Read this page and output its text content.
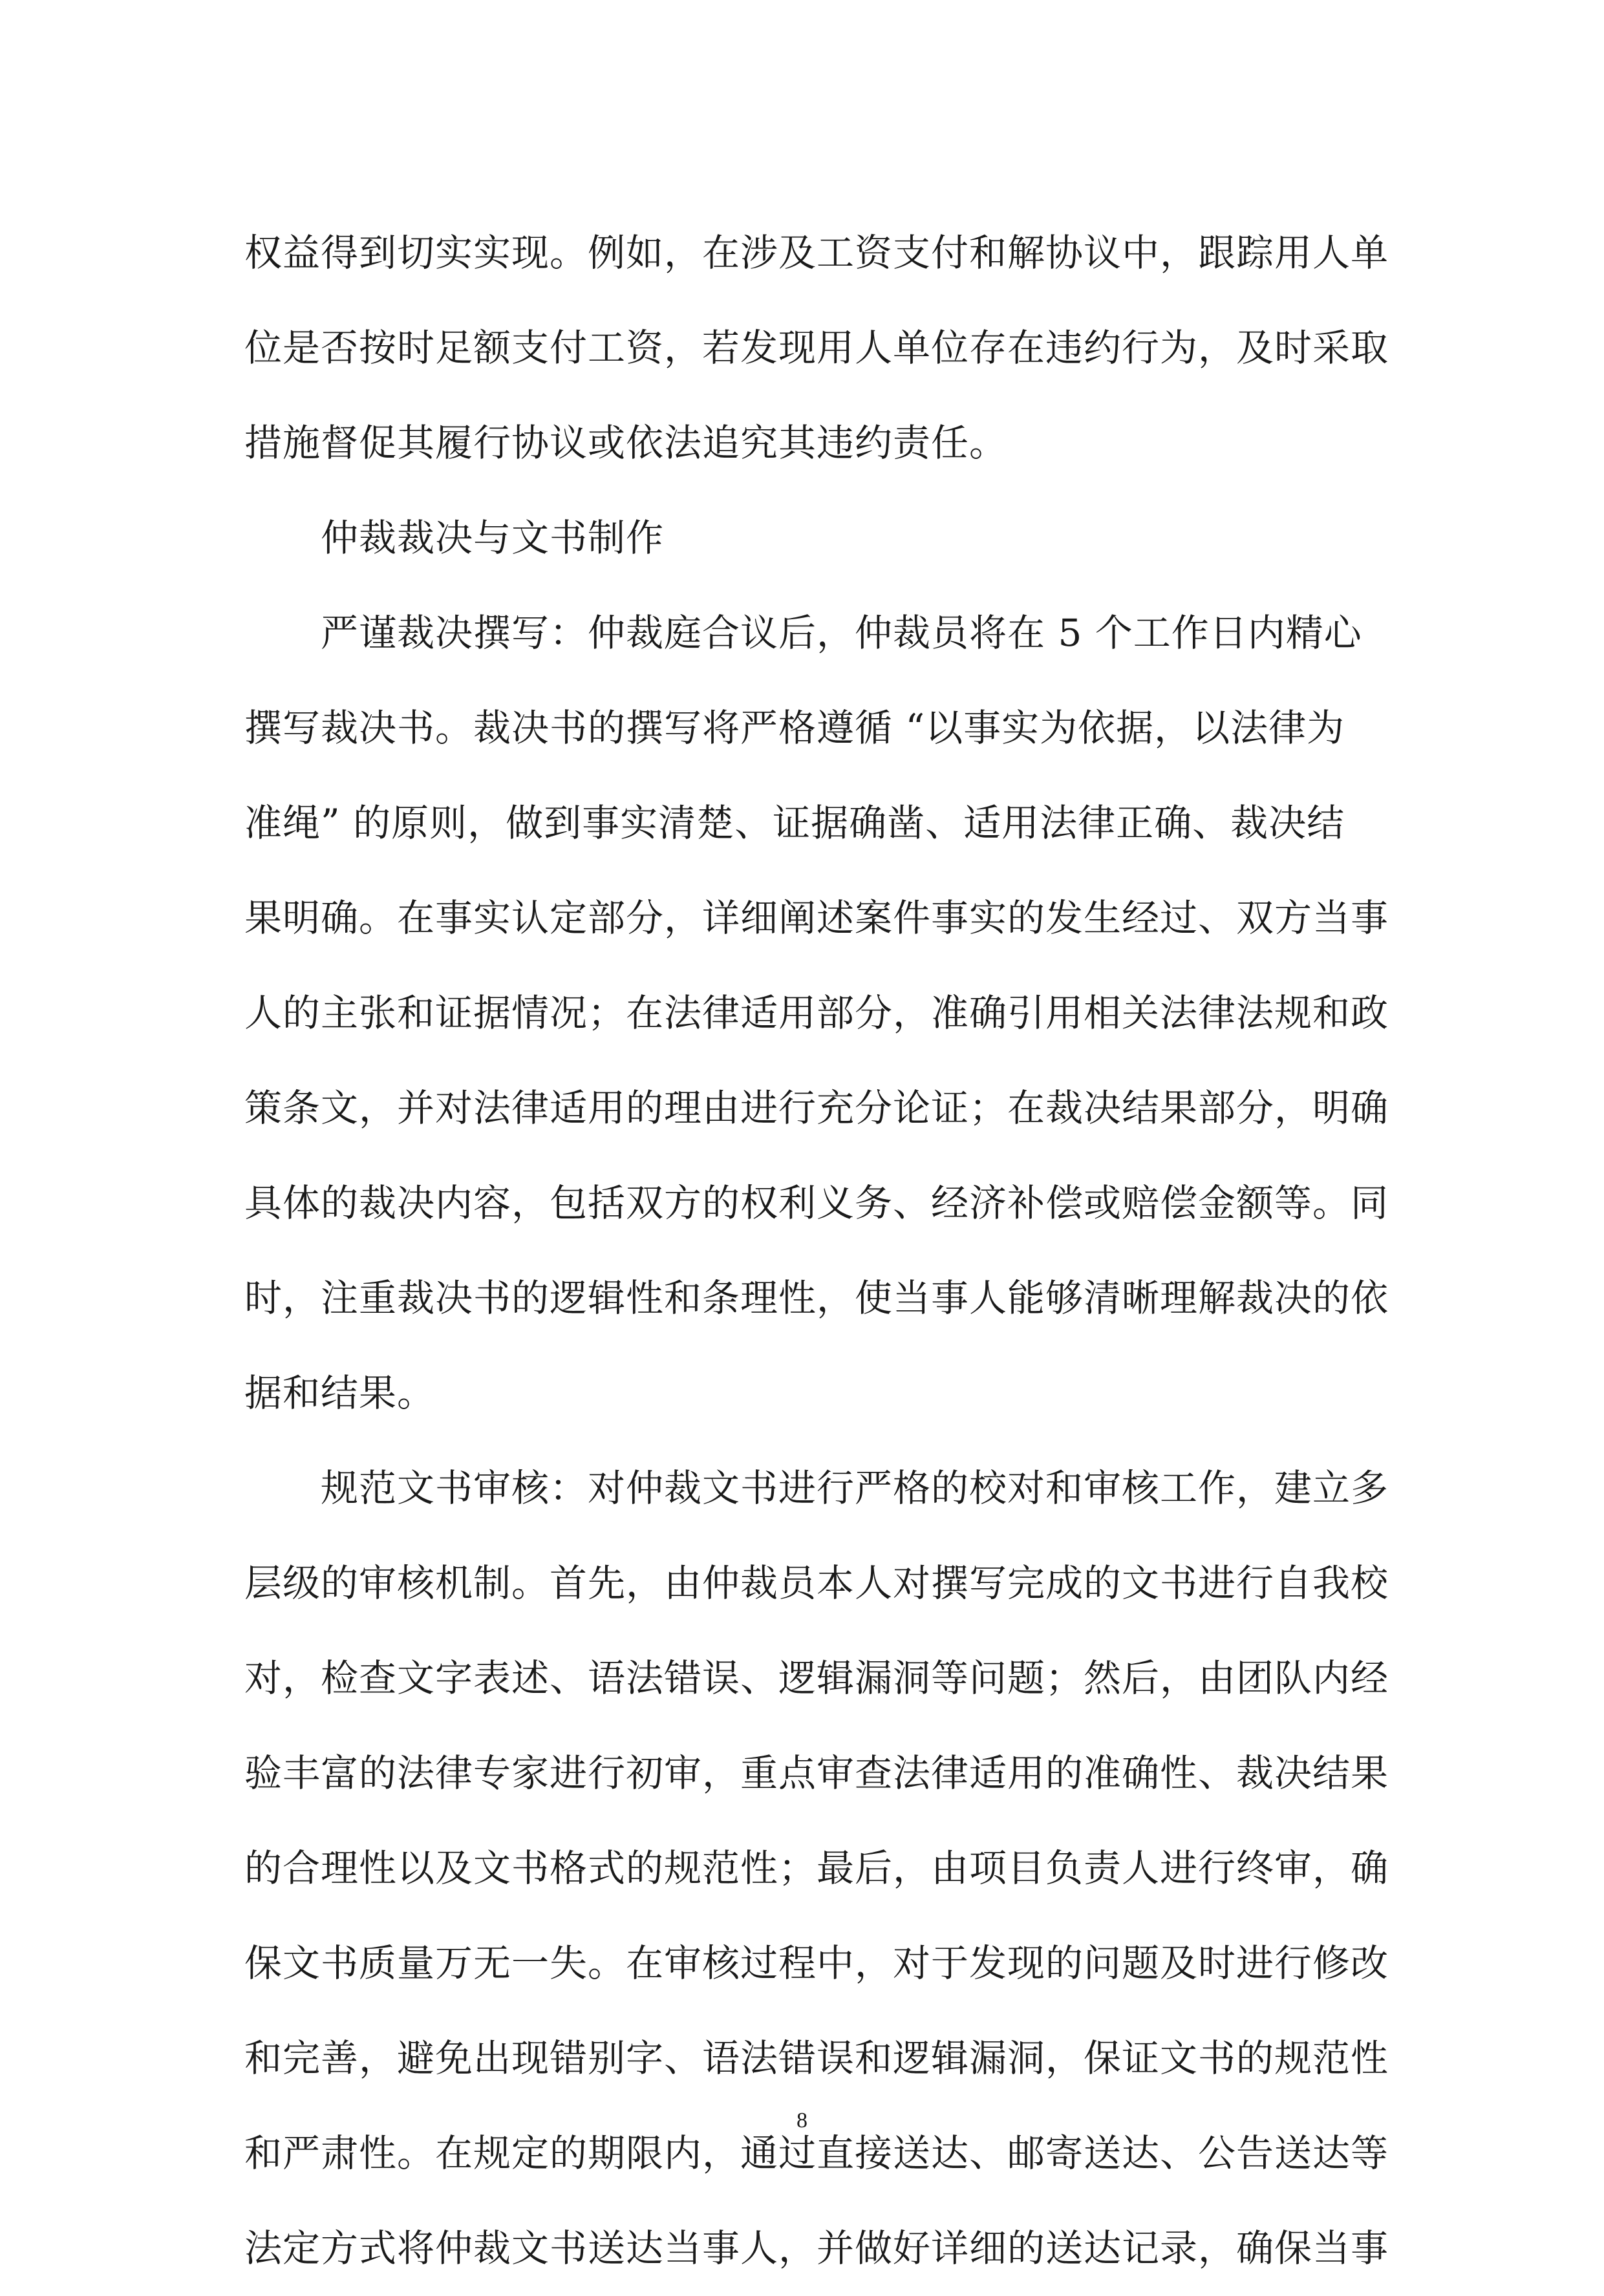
权益得到切实实现。例如，在涉及工资支付和解协议中，跟踪用人单
位是否按时足额支付工资，若发现用人单位存在违约行为，及时采取
措施督促其履行协议或依法追究其违约责任。
仲裁裁决与文书制作
严谨裁决撰写：仲裁庭合议后，仲裁员将在 5 个工作日内精心
撰写裁决书。裁决书的撰写将严格遵循 “以事实为依据，以法律为
准绳” 的原则，做到事实清楚、证据确凿、适用法律正确、裁决结
果明确。在事实认定部分，详细阐述案件事实的发生经过、双方当事
人的主张和证据情况；在法律适用部分，准确引用相关法律法规和政
策条文，并对法律适用的理由进行充分论证；在裁决结果部分，明确
具体的裁决内容，包括双方的权利义务、经济补偿或赔偿金额等。同
时，注重裁决书的逻辑性和条理性，使当事人能够清晰理解裁决的依
据和结果。
规范文书审核：对仲裁文书进行严格的校对和审核工作，建立多
层级的审核机制。首先，由仲裁员本人对撰写完成的文书进行自我校
对，检查文字表述、语法错误、逻辑漏洞等问题；然后，由团队内经
验丰富的法律专家进行初审，重点审查法律适用的准确性、裁决结果
的合理性以及文书格式的规范性；最后，由项目负责人进行终审，确
保文书质量万无一失。在审核过程中，对于发现的问题及时进行修改
和完善，避免出现错别字、语法错误和逻辑漏洞，保证文书的规范性
和严肃性。在规定的期限内，通过直接送达、邮寄送达、公告送达等
法定方式将仲裁文书送达当事人，并做好详细的送达记录，确保当事
8
